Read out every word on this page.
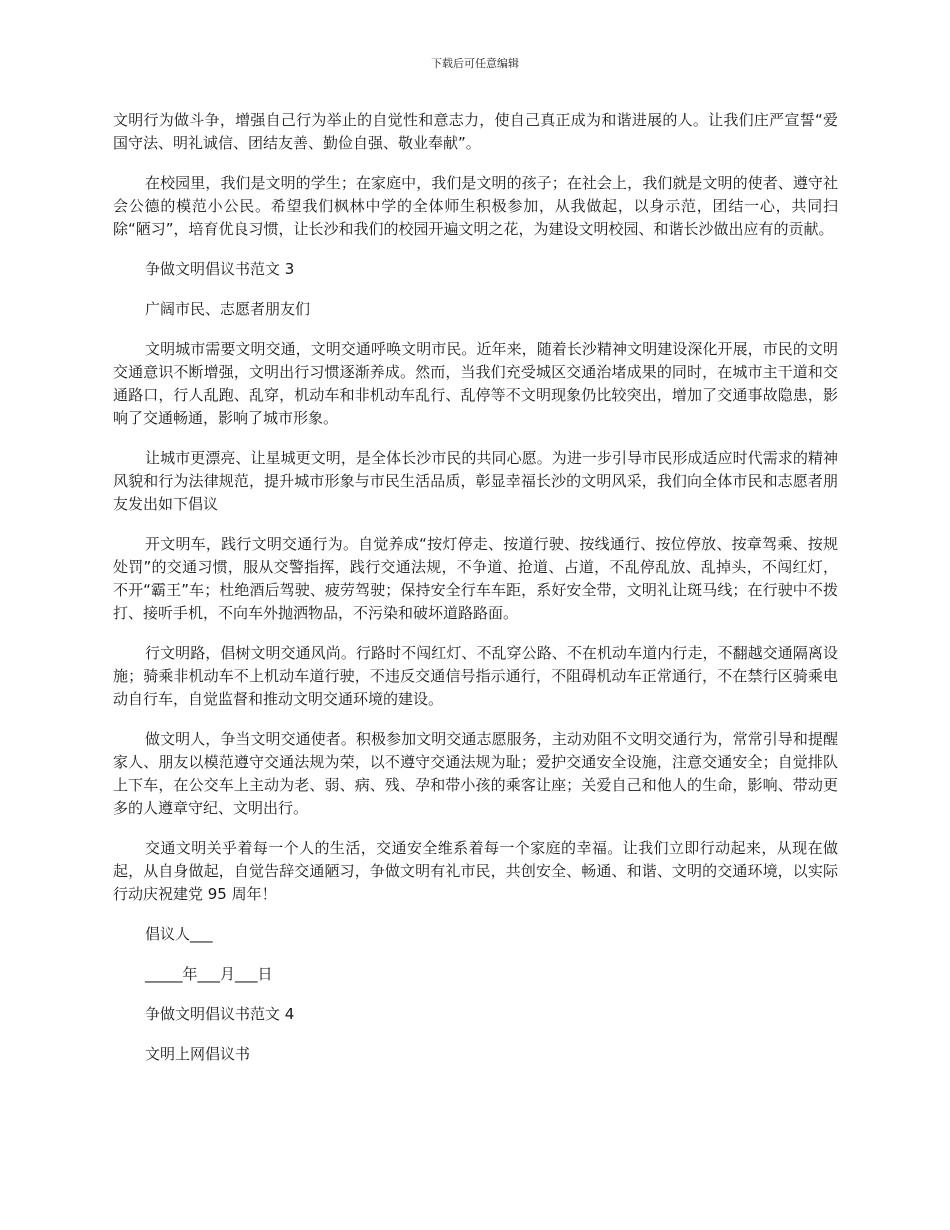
下载后可任意编辑

文明行为做斗争，增强自己行为举止的自觉性和意志力，使自己真正成为和谐进展的人。让我们庄严宣誓“爱国守法、明礼诚信、团结友善、勤俭自强、敬业奉献”。

在校园里，我们是文明的学生；在家庭中，我们是文明的孩子；在社会上，我们就是文明的使者、遵守社会公德的模范小公民。希望我们枫林中学的全体师生积极参加，从我做起，以身示范，团结一心，共同扫除“陋习”，培育优良习惯，让长沙和我们的校园开遍文明之花，为建设文明校园、和谐长沙做出应有的贡献。

争做文明倡议书范文 3

广阔市民、志愿者朋友们

文明城市需要文明交通，文明交通呼唤文明市民。近年来，随着长沙精神文明建设深化开展，市民的文明交通意识不断增强，文明出行习惯逐渐养成。然而，当我们充受城区交通治堵成果的同时，在城市主干道和交通路口，行人乱跑、乱穿，机动车和非机动车乱行、乱停等不文明现象仍比较突出，增加了交通事故隐患，影响了交通畅通，影响了城市形象。

让城市更漂亮、让星城更文明，是全体长沙市民的共同心愿。为进一步引导市民形成适应时代需求的精神风貌和行为法律规范，提升城市形象与市民生活品质，彰显幸福长沙的文明风采，我们向全体市民和志愿者朋友发出如下倡议

开文明车，践行文明交通行为。自觉养成“按灯停走、按道行驶、按线通行、按位停放、按章驾乘、按规处罚”的交通习惯，服从交警指挥，践行交通法规，不争道、抢道、占道，不乱停乱放、乱掉头，不闯红灯，不开“霸王”车；杜绝酒后驾驶、疲劳驾驶；保持安全行车车距，系好安全带，文明礼让斑马线；在行驶中不拨打、接听手机，不向车外抛洒物品，不污染和破坏道路路面。

行文明路，倡树文明交通风尚。行路时不闯红灯、不乱穿公路、不在机动车道内行走，不翻越交通隔离设施；骑乘非机动车不上机动车道行驶，不违反交通信号指示通行，不阻碍机动车正常通行，不在禁行区骑乘电动自行车，自觉监督和推动文明交通环境的建设。

做文明人，争当文明交通使者。积极参加文明交通志愿服务，主动劝阻不文明交通行为，常常引导和提醒家人、朋友以模范遵守交通法规为荣，以不遵守交通法规为耻；爱护交通安全设施，注意交通安全；自觉排队上下车，在公交车上主动为老、弱、病、残、孕和带小孩的乘客让座；关爱自己和他人的生命，影响、带动更多的人遵章守纪、文明出行。

交通文明关乎着每一个人的生活，交通安全维系着每一个家庭的幸福。让我们立即行动起来，从现在做起，从自身做起，自觉告辞交通陋习，争做文明有礼市民，共创安全、畅通、和谐、文明的交通环境，以实际行动庆祝建党 95 周年！

倡议人___

_____年___月___日

争做文明倡议书范文 4

文明上网倡议书
